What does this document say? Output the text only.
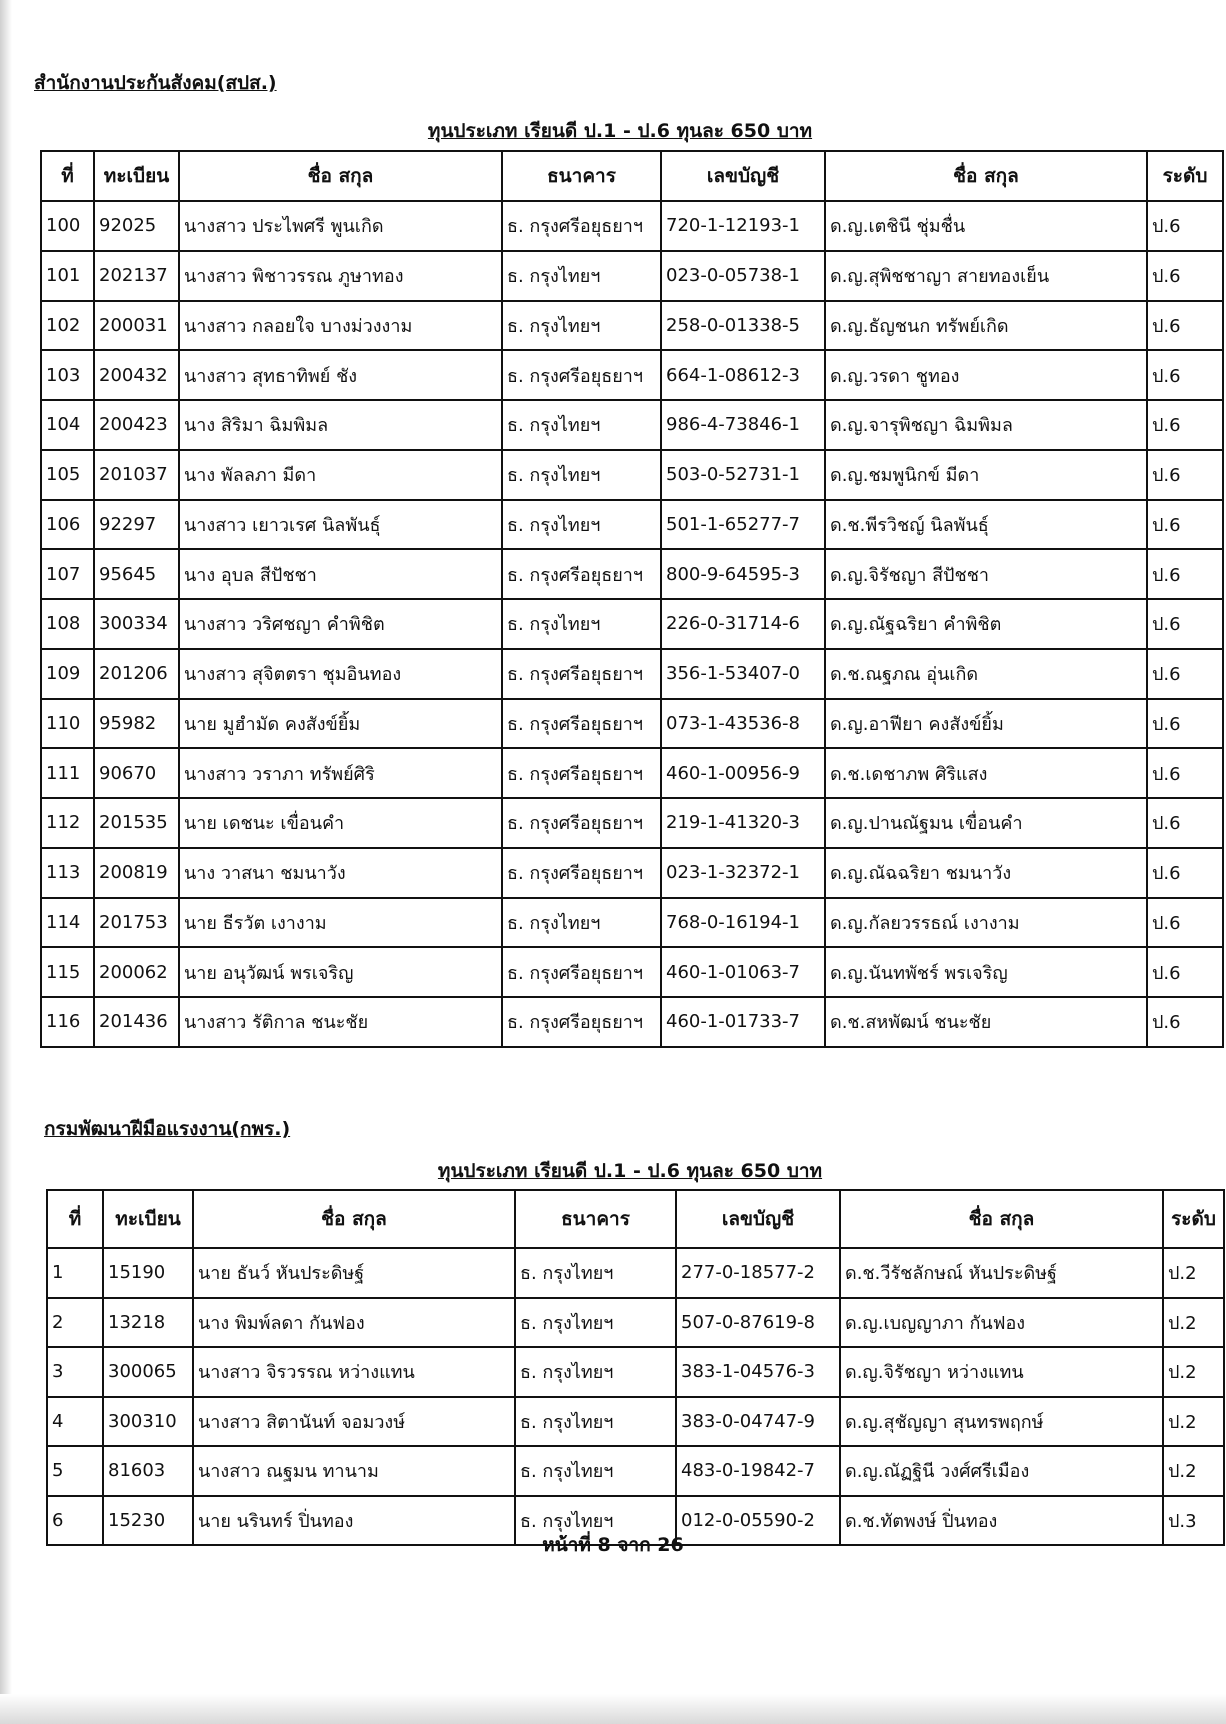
สำนักงานประกันสังคม(สปส.)
ทุนประเภท เรียนดี ป.1 - ป.6 ทุนละ 650 บาท
ที่	ทะเบียน	ชื่อ สกุล	ธนาคาร	เลขบัญชี	ชื่อ สกุล	ระดับ
100	92025	นางสาว ประไพศรี พูนเกิด	ธ. กรุงศรีอยุธยาฯ	720-1-12193-1	ด.ญ.เตชินี ชุ่มชื่น	ป.6
101	202137	นางสาว พิชาวรรณ ภูษาทอง	ธ. กรุงไทยฯ	023-0-05738-1	ด.ญ.สุพิชชาญา สายทองเย็น	ป.6
102	200031	นางสาว กลอยใจ บางม่วงงาม	ธ. กรุงไทยฯ	258-0-01338-5	ด.ญ.ธัญชนก ทรัพย์เกิด	ป.6
103	200432	นางสาว สุทธาทิพย์ ชัง	ธ. กรุงศรีอยุธยาฯ	664-1-08612-3	ด.ญ.วรดา ชูทอง	ป.6
104	200423	นาง สิริมา ฉิมพิมล	ธ. กรุงไทยฯ	986-4-73846-1	ด.ญ.จารุพิชญา ฉิมพิมล	ป.6
105	201037	นาง พัลลภา มีดา	ธ. กรุงไทยฯ	503-0-52731-1	ด.ญ.ชมพูนิกข์ มีดา	ป.6
106	92297	นางสาว เยาวเรศ นิลพันธุ์	ธ. กรุงไทยฯ	501-1-65277-7	ด.ช.พีรวิชญ์ นิลพันธุ์	ป.6
107	95645	นาง อุบล สีปัชชา	ธ. กรุงศรีอยุธยาฯ	800-9-64595-3	ด.ญ.จิรัชญา สีปัชชา	ป.6
108	300334	นางสาว วริศชญา คำพิชิต	ธ. กรุงไทยฯ	226-0-31714-6	ด.ญ.ณัฐฉริยา คำพิชิต	ป.6
109	201206	นางสาว สุจิตตรา ชุมอินทอง	ธ. กรุงศรีอยุธยาฯ	356-1-53407-0	ด.ช.ณฐภณ อุ่นเกิด	ป.6
110	95982	นาย มูฮำมัด คงสังข์ยิ้ม	ธ. กรุงศรีอยุธยาฯ	073-1-43536-8	ด.ญ.อาฟียา คงสังข์ยิ้ม	ป.6
111	90670	นางสาว วราภา ทรัพย์ศิริ	ธ. กรุงศรีอยุธยาฯ	460-1-00956-9	ด.ช.เดชาภพ ศิริแสง	ป.6
112	201535	นาย เดชนะ เขื่อนคำ	ธ. กรุงศรีอยุธยาฯ	219-1-41320-3	ด.ญ.ปานณัฐมน เขื่อนคำ	ป.6
113	200819	นาง วาสนา ชมนาวัง	ธ. กรุงศรีอยุธยาฯ	023-1-32372-1	ด.ญ.ณัฉฉริยา ชมนาวัง	ป.6
114	201753	นาย ธีรวัต เงางาม	ธ. กรุงไทยฯ	768-0-16194-1	ด.ญ.กัลยวรรธณ์ เงางาม	ป.6
115	200062	นาย อนุวัฒน์ พรเจริญ	ธ. กรุงศรีอยุธยาฯ	460-1-01063-7	ด.ญ.นันทพัชร์ พรเจริญ	ป.6
116	201436	นางสาว รัติกาล ชนะชัย	ธ. กรุงศรีอยุธยาฯ	460-1-01733-7	ด.ช.สหพัฒน์ ชนะชัย	ป.6
กรมพัฒนาฝีมือแรงงาน(กพร.)
ทุนประเภท เรียนดี ป.1 - ป.6 ทุนละ 650 บาท
ที่	ทะเบียน	ชื่อ สกุล	ธนาคาร	เลขบัญชี	ชื่อ สกุล	ระดับ
1	15190	นาย ธันว์ หันประดิษฐ์	ธ. กรุงไทยฯ	277-0-18577-2	ด.ช.วีรัชลักษณ์ หันประดิษฐ์	ป.2
2	13218	นาง พิมพ์ลดา กันฟอง	ธ. กรุงไทยฯ	507-0-87619-8	ด.ญ.เบญญาภา กันฟอง	ป.2
3	300065	นางสาว จิรวรรณ หว่างแทน	ธ. กรุงไทยฯ	383-1-04576-3	ด.ญ.จิรัชญา หว่างแทน	ป.2
4	300310	นางสาว สิตานันท์ จอมวงษ์	ธ. กรุงไทยฯ	383-0-04747-9	ด.ญ.สุชัญญา สุนทรพฤกษ์	ป.2
5	81603	นางสาว ณฐมน ทานาม	ธ. กรุงไทยฯ	483-0-19842-7	ด.ญ.ณัฏฐินี วงศ์ศรีเมือง	ป.2
6	15230	นาย นรินทร์ ปิ่นทอง	ธ. กรุงไทยฯ	012-0-05590-2	ด.ช.ทัตพงษ์ ปิ่นทอง	ป.3
หน้าที่ 8 จาก 26
